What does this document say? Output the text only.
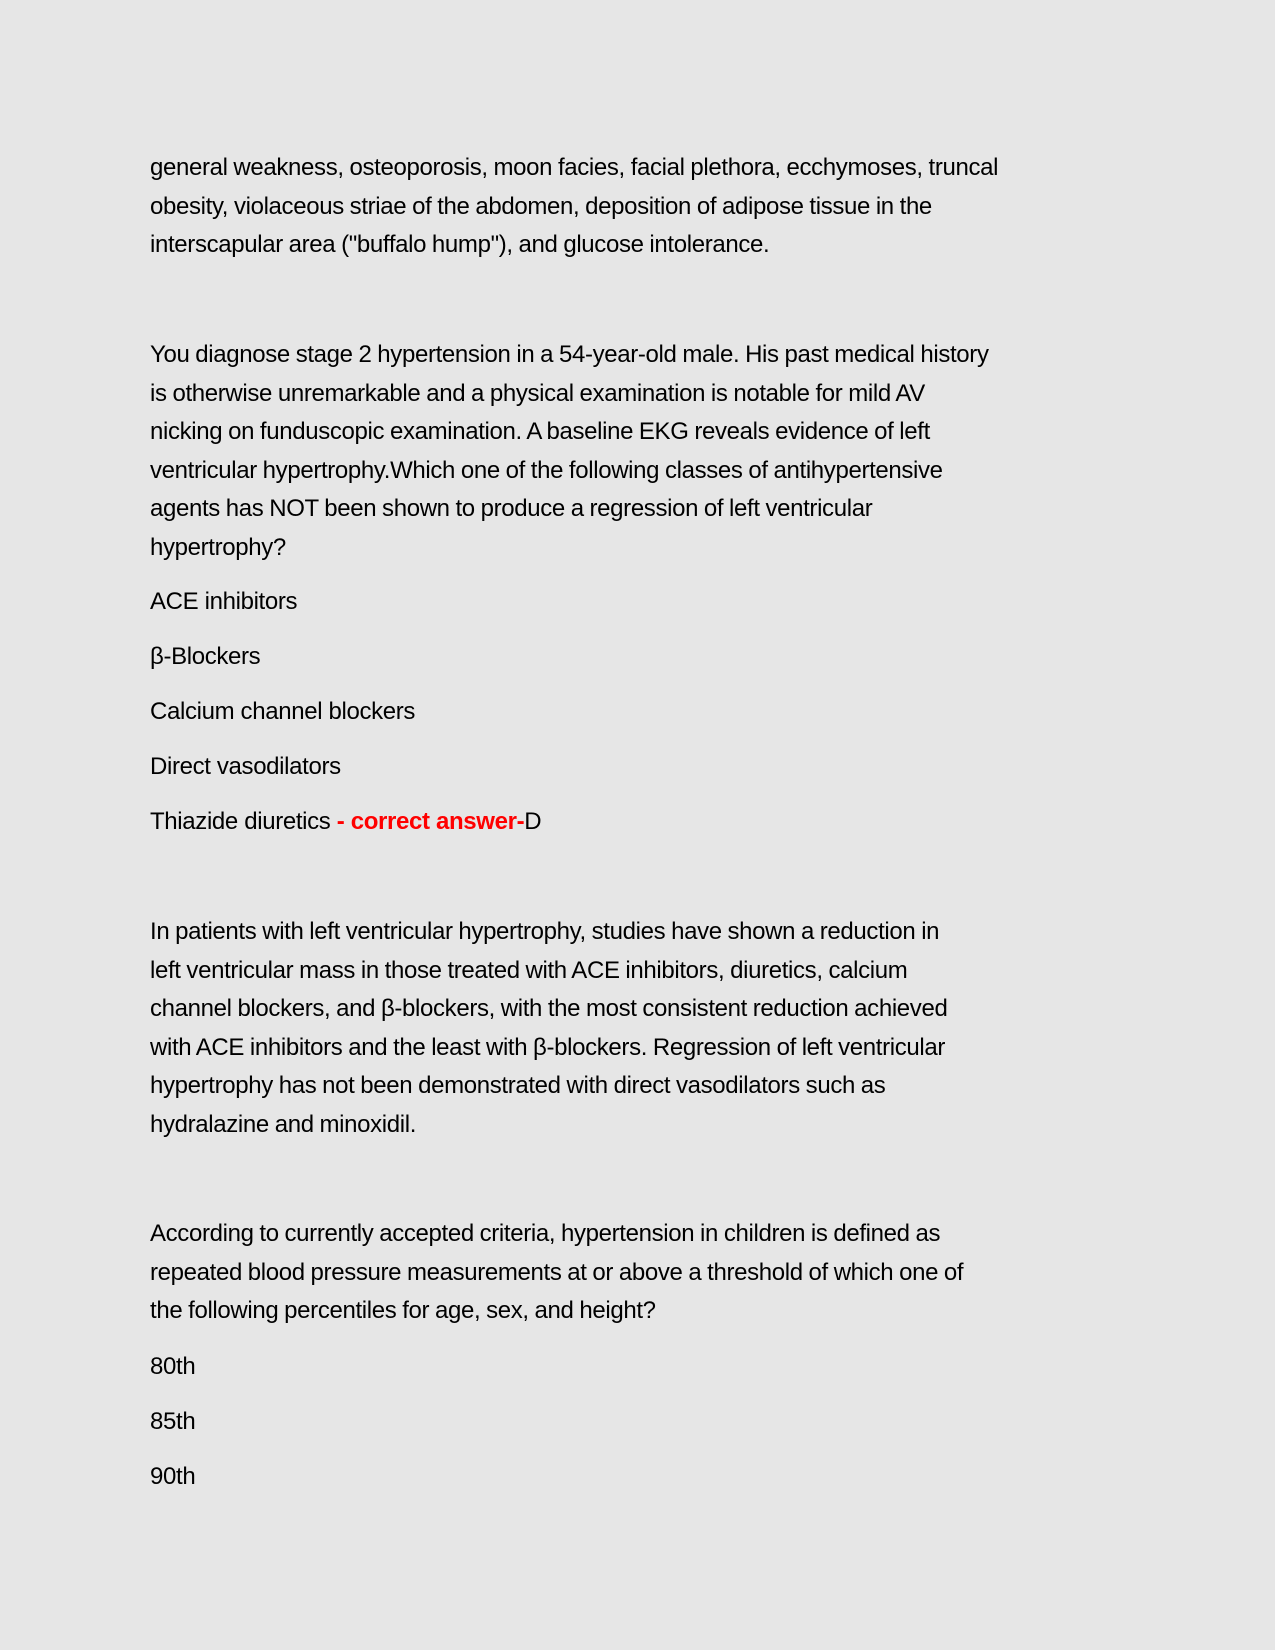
general weakness, osteoporosis, moon facies, facial plethora, ecchymoses, truncal
obesity, violaceous striae of the abdomen, deposition of adipose tissue in the
interscapular area ("buffalo hump"), and glucose intolerance.
You diagnose stage 2 hypertension in a 54-year-old male. His past medical history
is otherwise unremarkable and a physical examination is notable for mild AV
nicking on funduscopic examination. A baseline EKG reveals evidence of left
ventricular hypertrophy.Which one of the following classes of antihypertensive
agents has NOT been shown to produce a regression of left ventricular
hypertrophy?

ACE inhibitors

β-Blockers

Calcium channel blockers

Direct vasodilators

Thiazide diuretics - correct answer-D

In patients with left ventricular hypertrophy, studies have shown a reduction in
left ventricular mass in those treated with ACE inhibitors, diuretics, calcium
channel blockers, and β-blockers, with the most consistent reduction achieved
with ACE inhibitors and the least with β-blockers. Regression of left ventricular
hypertrophy has not been demonstrated with direct vasodilators such as
hydralazine and minoxidil.
According to currently accepted criteria, hypertension in children is defined as
repeated blood pressure measurements at or above a threshold of which one of
the following percentiles for age, sex, and height?

80th

85th

90th
